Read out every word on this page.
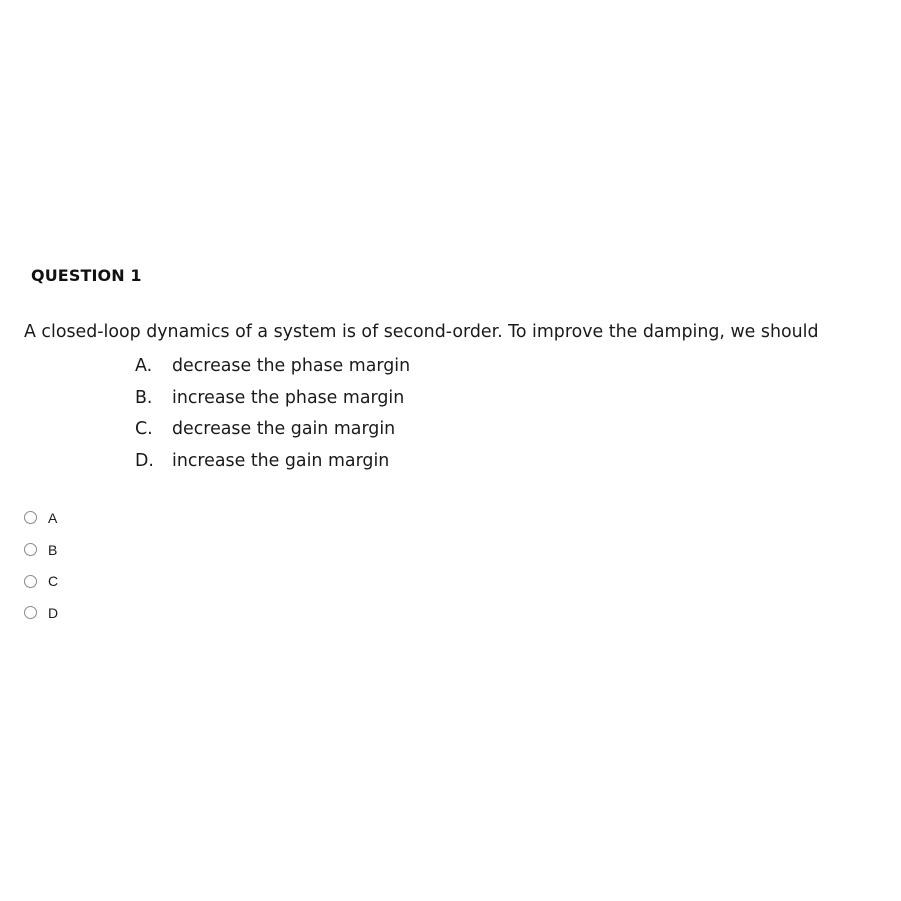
QUESTION 1
A closed-loop dynamics of a system is of second-order. To improve the damping, we should
A. decrease the phase margin
B. increase the phase margin
C. decrease the gain margin
D. increase the gain margin
A
B
C
D
